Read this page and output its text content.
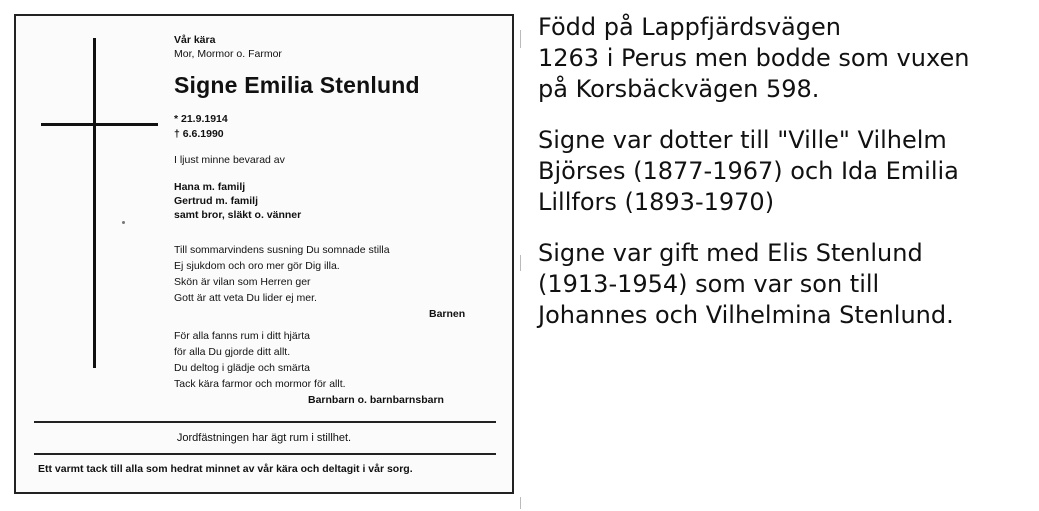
Vår kära
Mor, Mormor o. Farmor
Signe Emilia Stenlund
* 21.9.1914
† 6.6.1990
I ljust minne bevarad av
Hana m. familj
Gertrud m. familj
samt bror, släkt o. vänner
Till sommarvindens susning Du somnade stilla
Ej sjukdom och oro mer gör Dig illa.
Skön är vilan som Herren ger
Gott är att veta Du lider ej mer.
Barnen
För alla fanns rum i ditt hjärta
för alla Du gjorde ditt allt.
Du deltog i glädje och smärta
Tack kära farmor och mormor för allt.
Barnbarn o. barnbarnsbarn
Jordfästningen har ägt rum i stillhet.
Ett varmt tack till alla som hedrat minnet av vår kära och deltagit i vår sorg.

Född på Lappfjärdsvägen
1263 i Perus men bodde som vuxen
på Korsbäckvägen 598.

Signe var dotter till "Ville" Vilhelm
Björses (1877-1967) och Ida Emilia
Lillfors (1893-1970)

Signe var gift med Elis Stenlund
(1913-1954) som var son till
Johannes och Vilhelmina Stenlund.
